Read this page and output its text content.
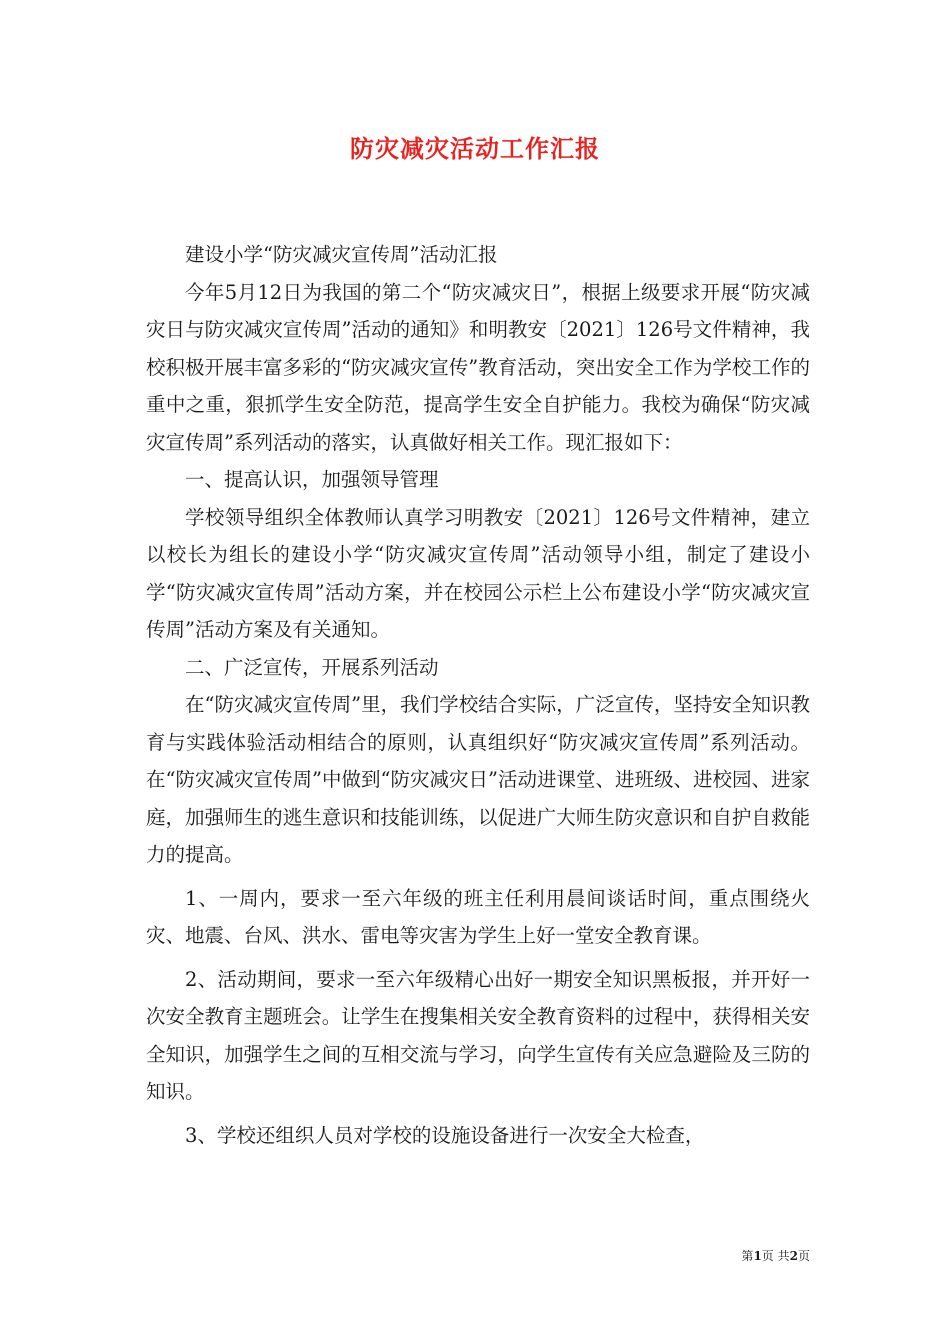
防灾减灾活动工作汇报

建设小学“防灾减灾宣传周”活动汇报

今年5月12日为我国的第二个“防灾减灾日”，根据上级要求开展“防灾减灾日与防灾减灾宣传周”活动的通知》和明教安〔2021〕126号文件精神，我校积极开展丰富多彩的“防灾减灾宣传”教育活动，突出安全工作为学校工作的重中之重，狠抓学生安全防范，提高学生安全自护能力。我校为确保“防灾减灾宣传周”系列活动的落实，认真做好相关工作。现汇报如下：

一、提高认识，加强领导管理

学校领导组织全体教师认真学习明教安〔2021〕126号文件精神，建立以校长为组长的建设小学“防灾减灾宣传周”活动领导小组，制定了建设小学“防灾减灾宣传周”活动方案，并在校园公示栏上公布建设小学“防灾减灾宣传周”活动方案及有关通知。

二、广泛宣传，开展系列活动

在“防灾减灾宣传周”里，我们学校结合实际，广泛宣传，坚持安全知识教育与实践体验活动相结合的原则，认真组织好“防灾减灾宣传周”系列活动。在“防灾减灾宣传周”中做到“防灾减灾日”活动进课堂、进班级、进校园、进家庭，加强师生的逃生意识和技能训练，以促进广大师生防灾意识和自护自救能力的提高。

1、一周内，要求一至六年级的班主任利用晨间谈话时间，重点围绕火灾、地震、台风、洪水、雷电等灾害为学生上好一堂安全教育课。

2、活动期间，要求一至六年级精心出好一期安全知识黑板报，并开好一次安全教育主题班会。让学生在搜集相关安全教育资料的过程中，获得相关安全知识，加强学生之间的互相交流与学习，向学生宣传有关应急避险及三防的知识。

3、学校还组织人员对学校的设施设备进行一次安全大检查，

第1页 共2页
